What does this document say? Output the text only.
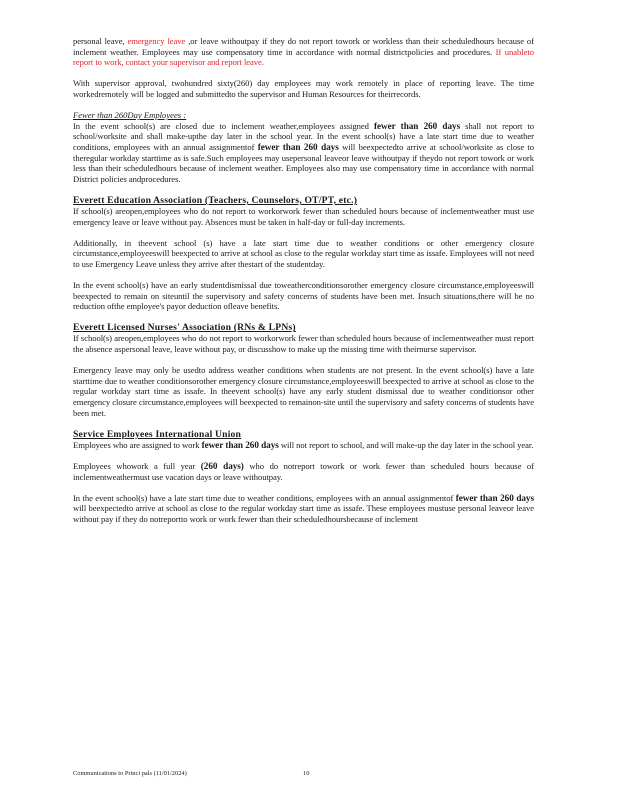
personal leave, emergency leave ,or leave withoutpay if they do not report towork or workless than their scheduledhours because of inclement weather. Employees may use compensatory time in accordance with normal districtpolicies and procedures. If unableto report to work, contact your supervisor and report leave.

With supervisor approval, twohundred sixty(260) day employees may work remotely in place of reporting leave. The time workedremotely will be logged and submittedto the supervisor and Human Resources for theirrecords.

Fewer than 260Day Employees :

In the event school(s) are closed due to inclement weather,employees assigned fewer than 260 days shall not report to school/worksite and shall make-upthe day later in the school year. In the event school(s) have a late start time due to weather conditions, employees with an annual assignmentof fewer than 260 days will beexpectedto arrive at school/worksite as close to theregular workday starttime as is safe.Such employees may usepersonal leaveor leave withoutpay if theydo not report towork or work less than their scheduledhours because of inclement weather. Employees also may use compensatory time in accordance with normal District policies andprocedures.

Everett Education Association (Teachers, Counselors, OT/PT, etc.)

If school(s) areopen,employees who do not report to workorwork fewer than scheduled hours because of inclementweather must use emergency leave or leave without pay. Absences must be taken in half-day or full-day increments.

Additionally, in theevent school (s) have a late start time due to weather conditions or other emergency closure circumstance,employeeswill beexpected to arrive at school as close to the regular workday start time as issafe. Employees will not need to use Emergency Leave unless they arrive after thestart of the studentday.

In the event school(s) have an early studentdismissal due toweatherconditionsorother emergency closure circumstance,employeeswill beexpected to remain on siteuntil the supervisory and safety concerns of students have been met. Insuch situations,there will be no reduction ofthe employee's payor deduction ofleave benefits.

Everett Licensed Nurses' Association (RNs & LPNs)

If school(s) areopen,employees who do not report to workorwork fewer than scheduled hours because of inclementweather must report the absence aspersonal leave, leave without pay, or discusshow to make up the missing time with theirnurse supervisor.

Emergency leave may only be usedto address weather conditions when students are not present. In the event school(s) have a late starttime due to weather conditionsorother emergency closure circumstance,employeeswill beexpected to arrive at school as close to the regular workday start time as issafe. In theevent school(s) have any early student dismissal due to weather conditionsor other emergency closure circumstance,employees will beexpected to remainon-site until the supervisory and safety concerns of students have been met.

Service Employees International Union

Employees who are assigned to work fewer than 260 days will not report to school, and will make-up the day later in the school year.

Employees whowork a full year (260 days) who do notreport towork or work fewer than scheduled hours because of inclementweathermust use vacation days or leave withoutpay.

In the event school(s) have a late start time due to weather conditions, employees with an annual assignmentof fewer than 260 days will beexpectedto arrive at school as close to the regular workday start time as issafe. These employees mustuse personal leaveor leave without pay if they do notreportto work or work fewer than their scheduledhoursbecause of inclement

Communications to Princi pals (11/01/2024)	10
